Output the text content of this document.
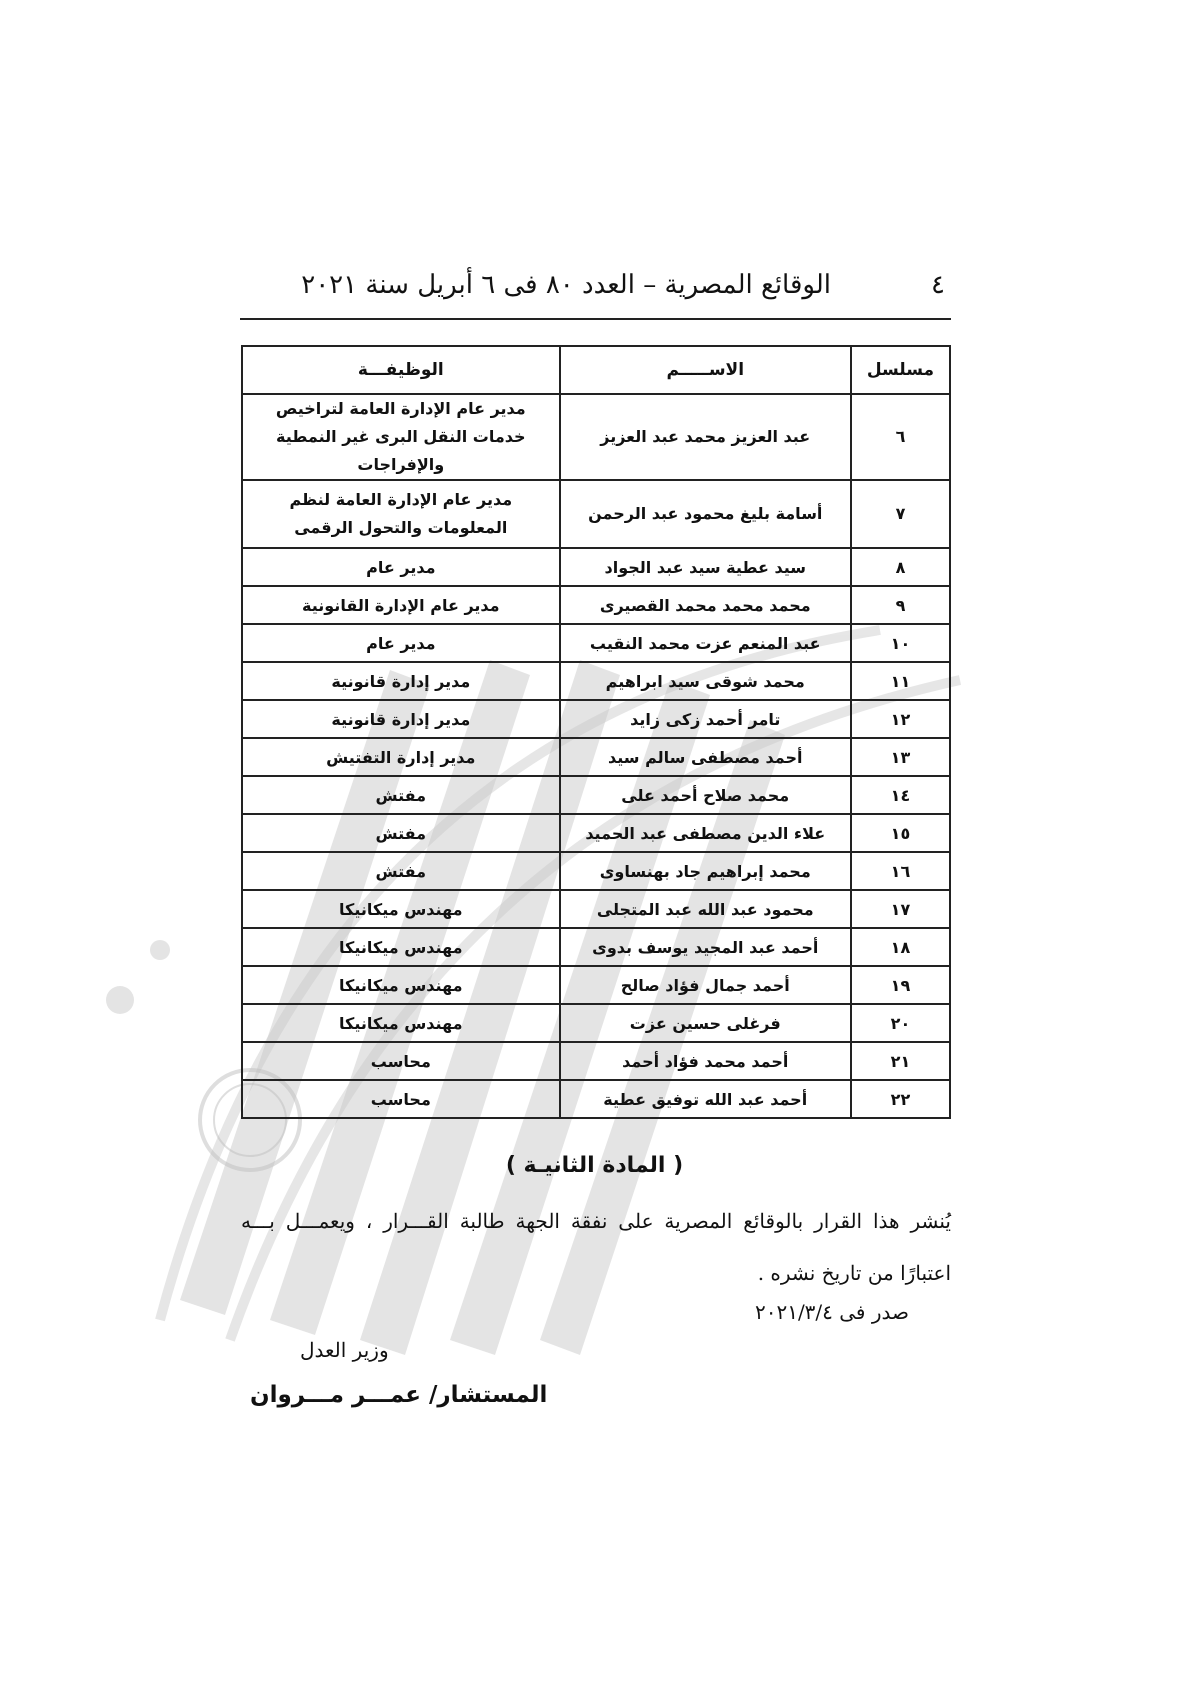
٤
الوقائع المصرية – العدد ٨٠ فى ٦ أبريل سنة ٢٠٢١
مسلسل	الاســـــم	الوظيفـــة
٦	عبد العزيز محمد عبد العزيز	مدير عام الإدارة العامة لتراخيص خدمات النقل البرى غير النمطية والإفراجات
٧	أسامة بليغ محمود عبد الرحمن	مدير عام الإدارة العامة لنظم المعلومات والتحول الرقمى
٨	سيد عطية سيد عبد الجواد	مدير عام
٩	محمد محمد محمد القصيرى	مدير عام الإدارة القانونية
١٠	عبد المنعم عزت محمد النقيب	مدير عام
١١	محمد شوقى سيد ابراهيم	مدير إدارة قانونية
١٢	تامر أحمد زكى زايد	مدير إدارة قانونية
١٣	أحمد مصطفى سالم سيد	مدير إدارة التفتيش
١٤	محمد صلاح أحمد على	مفتش
١٥	علاء الدين مصطفى عبد الحميد	مفتش
١٦	محمد إبراهيم جاد بهنساوى	مفتش
١٧	محمود عبد الله عبد المتجلى	مهندس ميكانيكا
١٨	أحمد عبد المجيد يوسف بدوى	مهندس ميكانيكا
١٩	أحمد جمال فؤاد صالح	مهندس ميكانيكا
٢٠	فرغلى حسين عزت	مهندس ميكانيكا
٢١	أحمد محمد فؤاد أحمد	محاسب
٢٢	أحمد عبد الله توفيق عطية	محاسب
( المادة الثانيـة )
يُنشر هذا القرار بالوقائع المصرية على نفقة الجهة طالبة القـــرار ، ويعمـــل بـــه اعتبارًا من تاريخ نشره .
صدر فى ٢٠٢١/٣/٤
وزير العدل
المستشار/ عمـــر مـــروان
